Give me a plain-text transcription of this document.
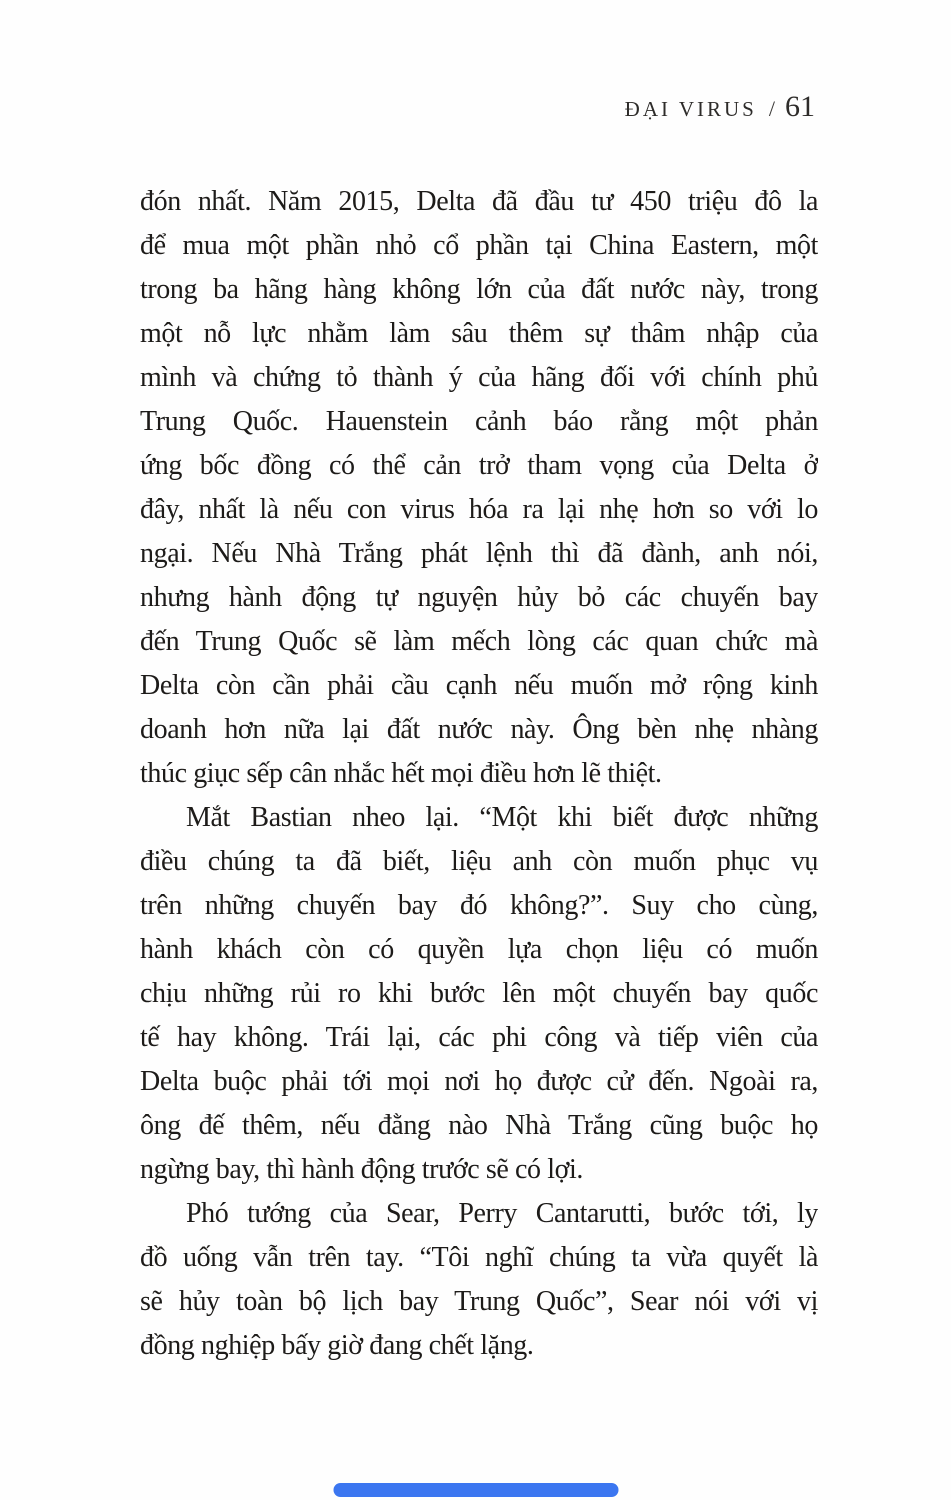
ĐẠI VIRUS / 61
đón nhất. Năm 2015, Delta đã đầu tư 450 triệu đô la
để mua một phần nhỏ cổ phần tại China Eastern, một
trong ba hãng hàng không lớn của đất nước này, trong
một nỗ lực nhằm làm sâu thêm sự thâm nhập của
mình và chứng tỏ thành ý của hãng đối với chính phủ
Trung Quốc. Hauenstein cảnh báo rằng một phản
ứng bốc đồng có thể cản trở tham vọng của Delta ở
đây, nhất là nếu con virus hóa ra lại nhẹ hơn so với lo
ngại. Nếu Nhà Trắng phát lệnh thì đã đành, anh nói,
nhưng hành động tự nguyện hủy bỏ các chuyến bay
đến Trung Quốc sẽ làm mếch lòng các quan chức mà
Delta còn cần phải cầu cạnh nếu muốn mở rộng kinh
doanh hơn nữa lại đất nước này. Ông bèn nhẹ nhàng
thúc giục sếp cân nhắc hết mọi điều hơn lẽ thiệt.
Mắt Bastian nheo lại. “Một khi biết được những
điều chúng ta đã biết, liệu anh còn muốn phục vụ
trên những chuyến bay đó không?”. Suy cho cùng,
hành khách còn có quyền lựa chọn liệu có muốn
chịu những rủi ro khi bước lên một chuyến bay quốc
tế hay không. Trái lại, các phi công và tiếp viên của
Delta buộc phải tới mọi nơi họ được cử đến. Ngoài ra,
ông đế thêm, nếu đằng nào Nhà Trắng cũng buộc họ
ngừng bay, thì hành động trước sẽ có lợi.
Phó tướng của Sear, Perry Cantarutti, bước tới, ly
đồ uống vẫn trên tay. “Tôi nghĩ chúng ta vừa quyết là
sẽ hủy toàn bộ lịch bay Trung Quốc”, Sear nói với vị
đồng nghiệp bấy giờ đang chết lặng.
